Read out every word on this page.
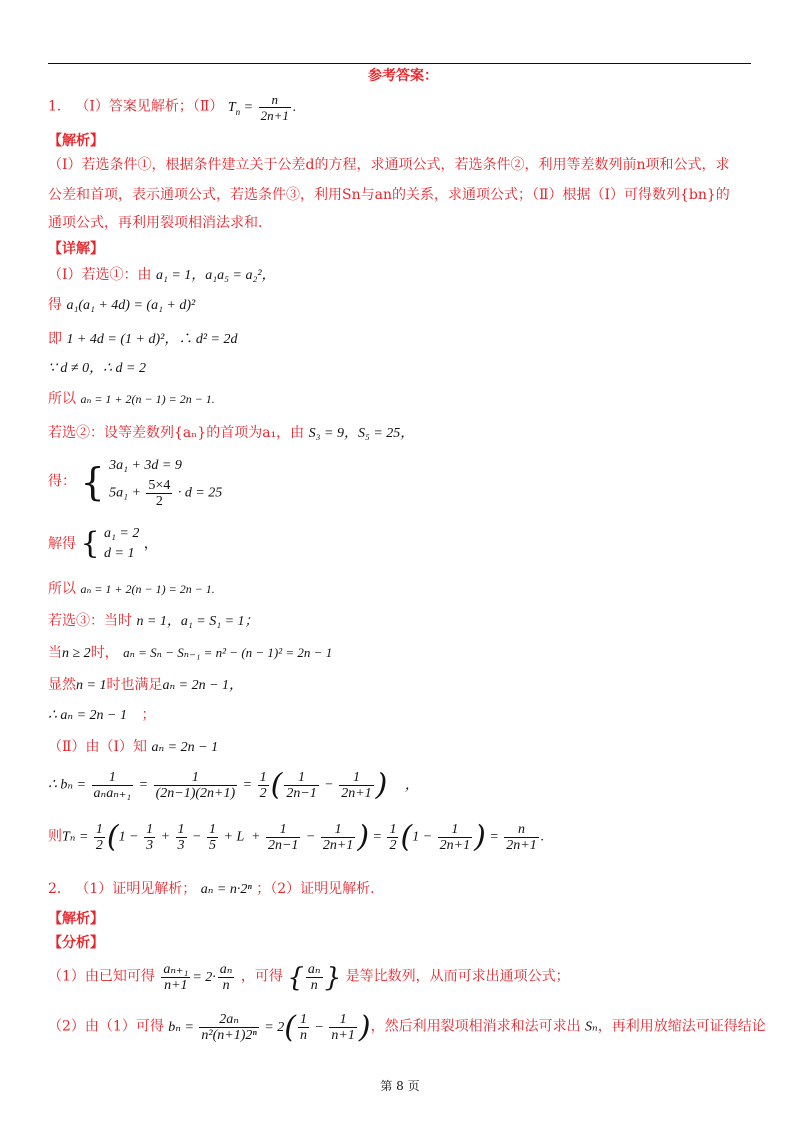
参考答案：
1． （Ⅰ）答案见解析；（Ⅱ） $T_n = \frac{n}{2n+1}$ .
【解析】
（Ⅰ）若选条件①，根据条件建立关于公差d的方程，求通项公式，若选条件②，利用等差数列前n项和公式，求
公差和首项，表示通项公式，若选条件③，利用Sn与an的关系，求通项公式；（Ⅱ）根据（Ⅰ）可得数列{bn}的
通项公式，再利用裂项相消法求和.
【详解】
（Ⅰ）若选①：由 a₁ = 1，a₁a₅ = a₂²，
得 a₁(a₁ + 4d) = (a₁ + d)²
即 1 + 4d = (1 + d)²，∴ d² = 2d
∵ d ≠ 0，∴ d = 2
所以 aₙ = 1 + 2(n − 1) = 2n − 1.
若选②：设等差数列{aₙ}的首项为a₁，由 S₃ = 9，S₅ = 25，
得： { 3a₁ + 3d = 9
$5a_1 + \frac{5\times 4}{2} \cdot d = 25$
解得 { a₁ = 2
d = 1
，
所以 aₙ = 1 + 2(n − 1) = 2n − 1.
若选③：当时 n = 1，a₁ = S₁ = 1；
当n ≥ 2时， aₙ = Sₙ − Sₙ₋₁ = n² − (n − 1)² = 2n − 1
显然n = 1时也满足aₙ = 2n − 1，
∴ aₙ = 2n − 1 ；
（Ⅱ）由（Ⅰ）知 aₙ = 2n − 1
∴ $b_n = \frac{1}{\text{aₙaₙ₊₁}} = \frac{1}{(2n-1)(2n+1)} = \frac{1}{2}$ ( $\frac{1}{2n-1} - \frac{1}{2n+1}$ ) ，
则$T_n = \frac{1}{2} (1 - \frac{1}{3} + \frac{1}{3} - \frac{1}{5} + L + \frac{1}{2n-1} - \frac{1}{2n+1}$ ) = $\frac{1}{2} (1 - \frac{1}{2n+1}$ ) = $\frac{n}{2n+1}$ .
2． （1）证明见解析； aₙ = n·2ⁿ ；（2）证明见解析.
【解析】
【分析】
（1）由已知可得 $\frac{\text{aₙ₊₁}}{n+1} = 2\cdot \frac{\text{aₙ}}{n}$ ，可得 { $\frac{\text{aₙ}}{n}$ } 是等比数列，从而可求出通项公式；
（2）由（1）可得 $b_n = \frac{\text{2aₙ}}{\text{n²(n+1)2ⁿ}} = 2( \frac{1}{n} - \frac{1}{n+1}$ )，然后利用裂项相消求和法可求出 Sₙ，再利用放缩法可证得结论
第 8 页
